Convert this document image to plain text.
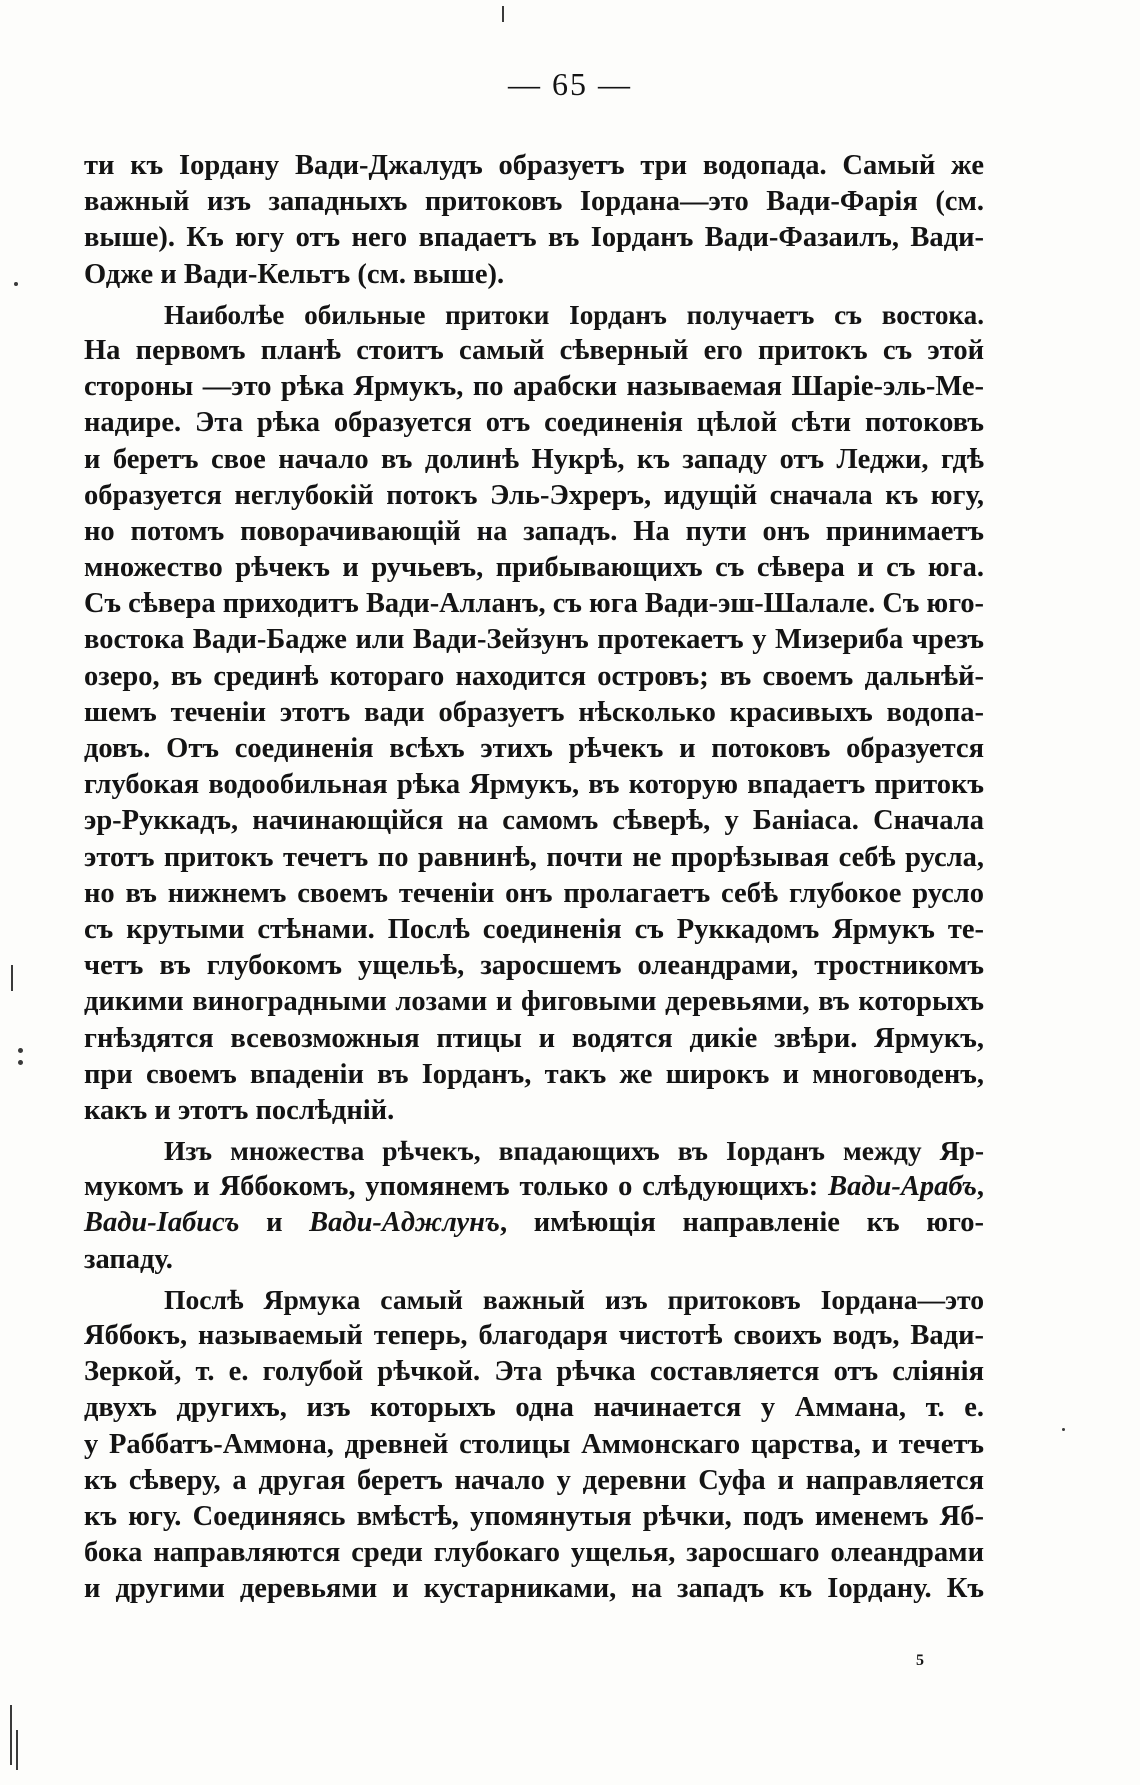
— 65 —
ти къ Іордану Вади-Джалудъ образуетъ три водопада. Самый же
важный изъ западныхъ притоковъ Іордана—это Вади-Фарія (см.
выше). Къ югу отъ него впадаетъ въ Іорданъ Вади-Фазаилъ, Вади-
Одже и Вади-Кельтъ (см. выше).
Наиболѣе обильные притоки Іорданъ получаетъ съ востока.
На первомъ планѣ стоитъ самый сѣверный его притокъ съ этой
стороны —это рѣка Ярмукъ, по арабски называемая Шаріе-эль-Ме-
надире. Эта рѣка образуется отъ соединенія цѣлой сѣти потоковъ
и беретъ свое начало въ долинѣ Нукрѣ, къ западу отъ Леджи, гдѣ
образуется неглубокій потокъ Эль-Эхреръ, идущій сначала къ югу,
но потомъ поворачивающій на западъ. На пути онъ принимаетъ
множество рѣчекъ и ручьевъ, прибывающихъ съ сѣвера и съ юга.
Съ сѣвера приходитъ Вади-Алланъ, съ юга Вади-эш-Шалале. Съ юго-
востока Вади-Бадже или Вади-Зейзунъ протекаетъ у Мизериба чрезъ
озеро, въ срединѣ котораго находится островъ; въ своемъ дальнѣй-
шемъ теченіи этотъ вади образуетъ нѣсколько красивыхъ водопа-
довъ. Отъ соединенія всѣхъ этихъ рѣчекъ и потоковъ образуется
глубокая водообильная рѣка Ярмукъ, въ которую впадаетъ притокъ
эр-Руккадъ, начинающійся на самомъ сѣверѣ, у Баніаса. Сначала
этотъ притокъ течетъ по равнинѣ, почти не прорѣзывая себѣ русла,
но въ нижнемъ своемъ теченіи онъ пролагаетъ себѣ глубокое русло
съ крутыми стѣнами. Послѣ соединенія съ Руккадомъ Ярмукъ те-
четъ въ глубокомъ ущельѣ, заросшемъ олеандрами, тростникомъ
дикими виноградными лозами и фиговыми деревьями, въ которыхъ
гнѣздятся всевозможныя птицы и водятся дикіе звѣри. Ярмукъ,
при своемъ впаденіи въ Іорданъ, такъ же широкъ и многоводенъ,
какъ и этотъ послѣдній.
Изъ множества рѣчекъ, впадающихъ въ Іорданъ между Яр-
мукомъ и Яббокомъ, упомянемъ только о слѣдующихъ: Вади-Арабъ,
Вади-Іабисъ и Вади-Аджлунъ, имѣющія направленіе къ юго-
западу.
Послѣ Ярмука самый важный изъ притоковъ Іордана—это
Яббокъ, называемый теперь, благодаря чистотѣ своихъ водъ, Вади-
Зеркой, т. е. голубой рѣчкой. Эта рѣчка составляется отъ слiянія
двухъ другихъ, изъ которыхъ одна начинается у Аммана, т. е.
у Раббатъ-Аммона, древней столицы Аммонскаго царства, и течетъ
къ сѣверу, а другая беретъ начало у деревни Суфа и направляется
къ югу. Соединяясь вмѣстѣ, упомянутыя рѣчки, подъ именемъ Яб-
бока направляются среди глубокаго ущелья, заросшаго олеандрами
и другими деревьями и кустарниками, на западъ къ Іордану. Къ
5
